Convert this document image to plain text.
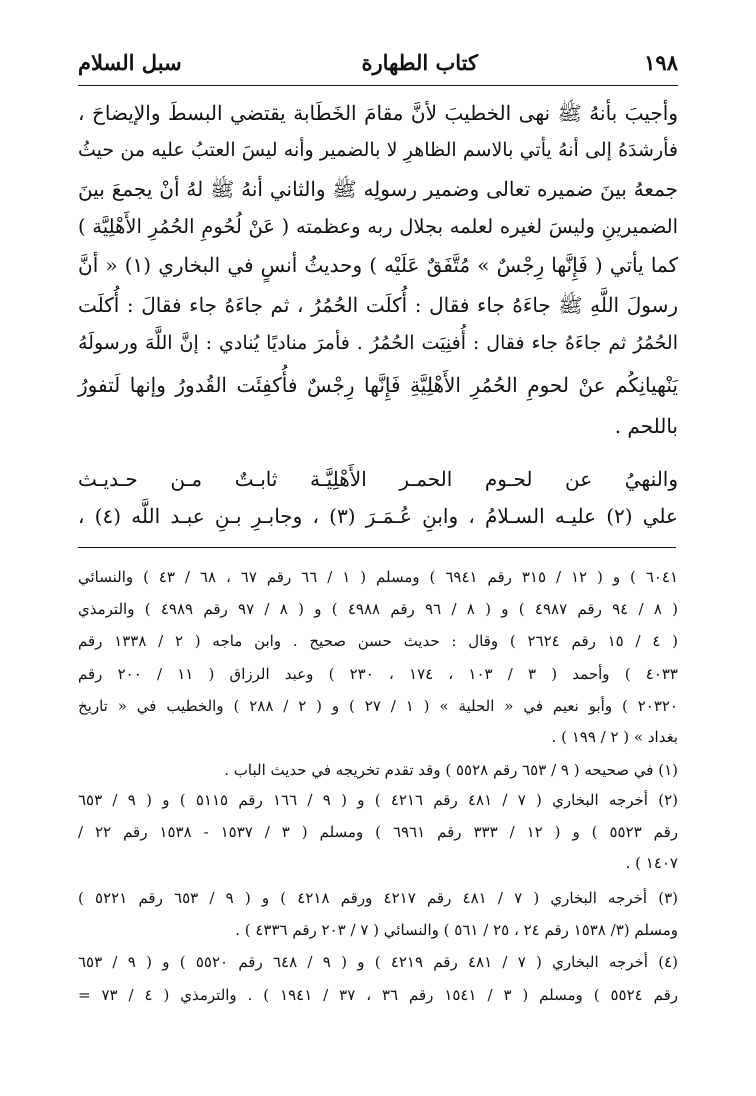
١٩٨
كتاب الطهارة
سبل السلام
وأجيبَ بأنهُ ﷺ نهى الخطيبَ لأنَّ مقامَ الخَطَابة يقتضي البسطَ والإيضاحَ ،
فأرشدَهُ إلى أنهُ يأتي بالاسم الظاهرِ لا بالضمير وأنه ليسَ العتبُ عليه من حيثُ
جمعهُ بينَ ضميره تعالى وضمير رسولِه ﷺ والثاني أنهُ ﷺ لهُ أنْ يجمعَ بينَ
الضميرينِ وليسَ لغيره لعلمه بجلال ربه وعظمته ( عَنْ لُحُومِ الحُمُرِ الأَهْلِيَّة )
كما يأتي ( فَإِنَّها رِجْسٌ » مُتَّفَقٌ عَلَيْه ) وحديثُ أنسٍ في البخاري (١) « أنَّ
رسولَ اللَّهِ ﷺ جاءَهُ جاء فقال : أُكلَت الحُمُرُ ، ثم جاءَهُ جاء فقالَ : أُكلَت
الحُمُرُ ثم جاءَهُ جاء فقال : أُفنِيَت الحُمُرُ . فأمرَ مناديًا يُنادي : إنَّ اللَّهَ ورسولَهُ
يَنْهيانِكُم عنْ لحومِ الحُمُرِ الأَهْلِيَّةِ فَإِنَّها رِجْسٌ فأُكفِئَت القُدورُ وإنها لَتفورُ
باللحم .
والنهيُ عن لحـوم الحمـر الأَهْلِيَّـة ثابـتٌ مـن حـديـث
علي (٢) عليـه السـلامُ ، وابنِ عُـمَـرَ (٣) ، وجابـرِ بـنِ عبـد اللَّه (٤) ،
٦٠٤١ ) و ( ١٢ / ٣١٥ رقم ٦٩٤١ ) ومسلم ( ١ / ٦٦ رقم ٦٧ ، ٦٨ / ٤٣ ) والنسائي
( ٨ / ٩٤ رقم ٤٩٨٧ ) و ( ٨ / ٩٦ رقم ٤٩٨٨ ) و ( ٨ / ٩٧ رقم ٤٩٨٩ ) والترمذي
( ٤ / ١٥ رقم ٢٦٢٤ ) وقال : حديث حسن صحيح . وابن ماجه ( ٢ / ١٣٣٨ رقم
٤٠٣٣ ) وأحمد ( ٣ / ١٠٣ ، ١٧٤ ، ٢٣٠ ) وعبد الرزاق ( ١١ / ٢٠٠ رقم
٢٠٣٢٠ ) وأبو نعيم في « الحلية » ( ١ / ٢٧ ) و ( ٢ / ٢٨٨ ) والخطيب في « تاريخ
بغداد » ( ٢ / ١٩٩ ) .
(١) في صحيحه ( ٩ / ٦٥٣ رقم ٥٥٢٨ ) وقد تقدم تخريجه في حديث الباب .
(٢) أخرجه البخاري ( ٧ / ٤٨١ رقم ٤٢١٦ ) و ( ٩ / ١٦٦ رقم ٥١١٥ ) و ( ٩ / ٦٥٣
رقم ٥٥٢٣ ) و ( ١٢ / ٣٣٣ رقم ٦٩٦١ ) ومسلم ( ٣ / ١٥٣٧ - ١٥٣٨ رقم ٢٢ /
١٤٠٧ ) .
(٣) أخرجه البخاري ( ٧ / ٤٨١ رقم ٤٢١٧ ورقم ٤٢١٨ ) و ( ٩ / ٦٥٣ رقم ٥٢٢١ )
ومسلم (٣/ ١٥٣٨ رقم ٢٤ ، ٢٥ / ٥٦١ ) والنسائي ( ٧ / ٢٠٣ رقم ٤٣٣٦ ) .
(٤) أخرجه البخاري ( ٧ / ٤٨١ رقم ٤٢١٩ ) و ( ٩ / ٦٤٨ رقم ٥٥٢٠ ) و ( ٩ / ٦٥٣
رقم ٥٥٢٤ ) ومسلم ( ٣ / ١٥٤١ رقم ٣٦ ، ٣٧ / ١٩٤١ ) . والترمذي ( ٤ / ٧٣ =
